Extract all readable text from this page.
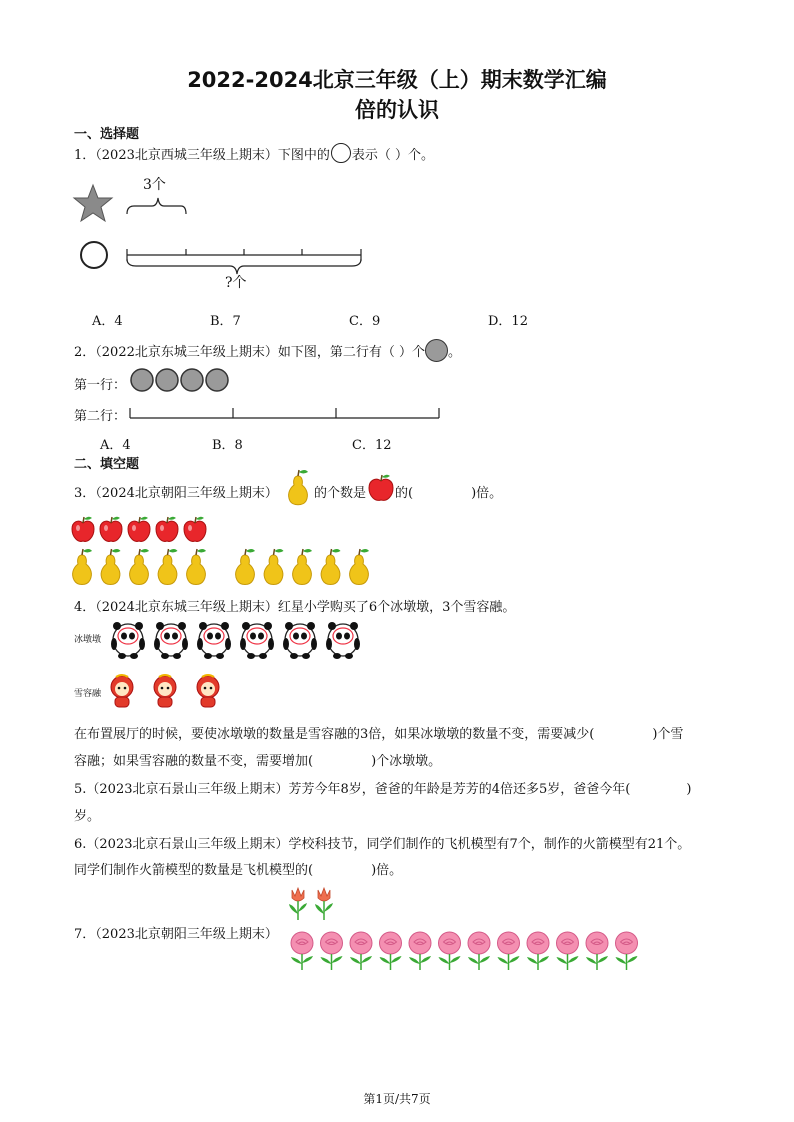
2022-2024北京三年级（上）期末数学汇编
倍的认识
一、选择题
1．（2023北京西城三年级上期末）下图中的 表示（ ）个。
3个
?个
A．4	B．7	C．9	D．12
2．（2022北京东城三年级上期末）如下图，第二行有（ ）个 。
第一行：
第二行：
A．4	B．8	C．12
二、填空题
3．（2024北京朝阳三年级上期末）	的个数是 的(	)倍。
4．（2024北京东城三年级上期末）红星小学购买了6个冰墩墩，3个雪容融。
冰墩墩
雪容融
在布置展厅的时候，要使冰墩墩的数量是雪容融的3倍，如果冰墩墩的数量不变，需要减少(	)个雪
容融；如果雪容融的数量不变，需要增加(	)个冰墩墩。
5.（2023北京石景山三年级上期末）芳芳今年8岁，爸爸的年龄是芳芳的4倍还多5岁，爸爸今年(	)
岁。
6.（2023北京石景山三年级上期末）学校科技节，同学们制作的飞机模型有7个，制作的火箭模型有21个。
同学们制作火箭模型的数量是飞机模型的(	)倍。
7．（2023北京朝阳三年级上期末）
第1页/共7页
